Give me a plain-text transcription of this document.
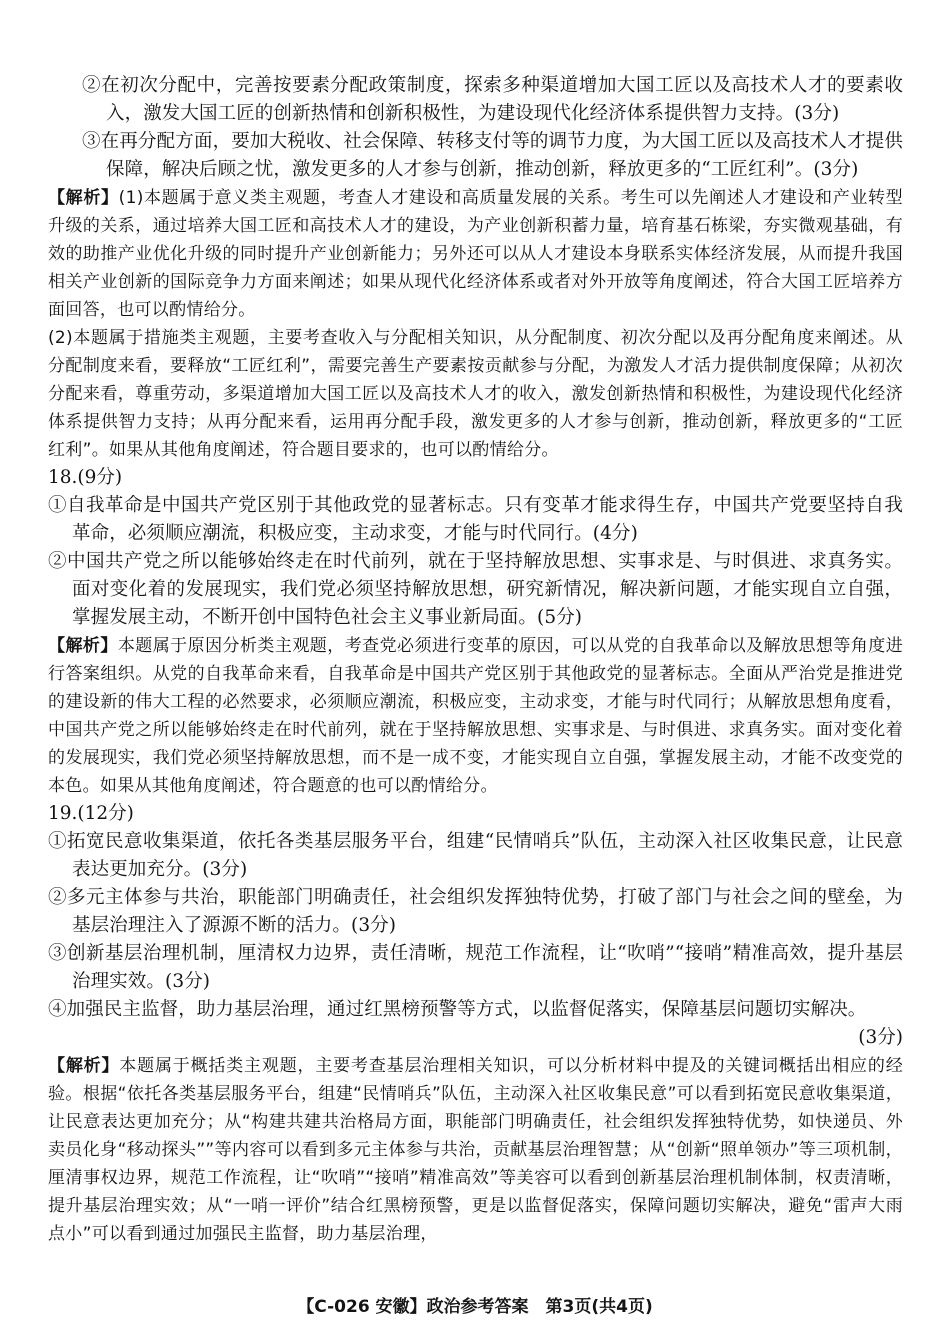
②在初次分配中，完善按要素分配政策制度，探索多种渠道增加大国工匠以及高技术人才的要素收入，激发大国工匠的创新热情和创新积极性，为建设现代化经济体系提供智力支持。(3分)

③在再分配方面，要加大税收、社会保障、转移支付等的调节力度，为大国工匠以及高技术人才提供保障，解决后顾之忧，激发更多的人才参与创新，推动创新，释放更多的“工匠红利”。(3分)

【解析】(1)本题属于意义类主观题，考查人才建设和高质量发展的关系。考生可以先阐述人才建设和产业转型升级的关系，通过培养大国工匠和高技术人才的建设，为产业创新积蓄力量，培育基石栋梁，夯实微观基础，有效的助推产业优化升级的同时提升产业创新能力；另外还可以从人才建设本身联系实体经济发展，从而提升我国相关产业创新的国际竞争力方面来阐述；如果从现代化经济体系或者对外开放等角度阐述，符合大国工匠培养方面回答，也可以酌情给分。

(2)本题属于措施类主观题，主要考查收入与分配相关知识，从分配制度、初次分配以及再分配角度来阐述。从分配制度来看，要释放“工匠红利”，需要完善生产要素按贡献参与分配，为激发人才活力提供制度保障；从初次分配来看，尊重劳动，多渠道增加大国工匠以及高技术人才的收入，激发创新热情和积极性，为建设现代化经济体系提供智力支持；从再分配来看，运用再分配手段，激发更多的人才参与创新，推动创新，释放更多的“工匠红利”。如果从其他角度阐述，符合题目要求的，也可以酌情给分。

18.(9分)

①自我革命是中国共产党区别于其他政党的显著标志。只有变革才能求得生存，中国共产党要坚持自我革命，必须顺应潮流，积极应变，主动求变，才能与时代同行。(4分)

②中国共产党之所以能够始终走在时代前列，就在于坚持解放思想、实事求是、与时俱进、求真务实。面对变化着的发展现实，我们党必须坚持解放思想，研究新情况，解决新问题，才能实现自立自强，掌握发展主动，不断开创中国特色社会主义事业新局面。(5分)

【解析】本题属于原因分析类主观题，考查党必须进行变革的原因，可以从党的自我革命以及解放思想等角度进行答案组织。从党的自我革命来看，自我革命是中国共产党区别于其他政党的显著标志。全面从严治党是推进党的建设新的伟大工程的必然要求，必须顺应潮流，积极应变，主动求变，才能与时代同行；从解放思想角度看，中国共产党之所以能够始终走在时代前列，就在于坚持解放思想、实事求是、与时俱进、求真务实。面对变化着的发展现实，我们党必须坚持解放思想，而不是一成不变，才能实现自立自强，掌握发展主动，才能不改变党的本色。如果从其他角度阐述，符合题意的也可以酌情给分。

19.(12分)

①拓宽民意收集渠道，依托各类基层服务平台，组建“民情哨兵”队伍，主动深入社区收集民意，让民意表达更加充分。(3分)

②多元主体参与共治，职能部门明确责任，社会组织发挥独特优势，打破了部门与社会之间的壁垒，为基层治理注入了源源不断的活力。(3分)

③创新基层治理机制，厘清权力边界，责任清晰，规范工作流程，让“吹哨”“接哨”精准高效，提升基层治理实效。(3分)

④加强民主监督，助力基层治理，通过红黑榜预警等方式，以监督促落实，保障基层问题切实解决。

(3分)

【解析】本题属于概括类主观题，主要考查基层治理相关知识，可以分析材料中提及的关键词概括出相应的经验。根据“依托各类基层服务平台，组建“民情哨兵”队伍，主动深入社区收集民意”可以看到拓宽民意收集渠道，让民意表达更加充分；从“构建共建共治格局方面，职能部门明确责任，社会组织发挥独特优势，如快递员、外卖员化身“移动探头””等内容可以看到多元主体参与共治，贡献基层治理智慧；从“创新“照单领办”等三项机制，厘清事权边界，规范工作流程，让“吹哨”“接哨”精准高效”等美容可以看到创新基层治理机制体制，权责清晰，提升基层治理实效；从“一哨一评价”结合红黑榜预警，更是以监督促落实，保障问题切实解决，避免“雷声大雨点小”可以看到通过加强民主监督，助力基层治理，

【C-026 安徽】政治参考答案　第3页(共4页)
